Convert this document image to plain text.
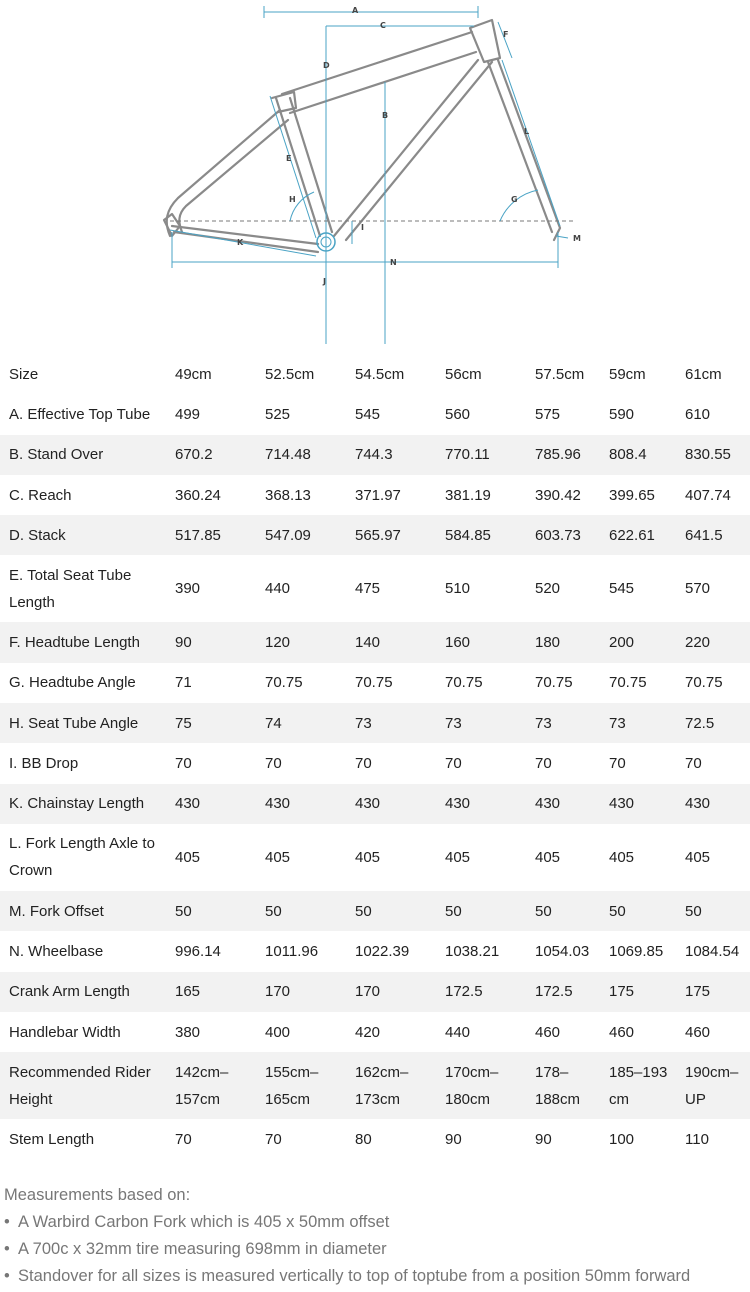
A
B
C
D
E
F
G
H
I
J
K
L
M
N
Size	49cm	52.5cm	54.5cm	56cm	57.5cm	59cm	61cm
A. Effective Top Tube	499	525	545	560	575	590	610
B. Stand Over	670.2	714.48	744.3	770.11	785.96	808.4	830.55
C. Reach	360.24	368.13	371.97	381.19	390.42	399.65	407.74
D. Stack	517.85	547.09	565.97	584.85	603.73	622.61	641.5
E. Total Seat Tube Length	390	440	475	510	520	545	570
F. Headtube Length	90	120	140	160	180	200	220
G. Headtube Angle	71	70.75	70.75	70.75	70.75	70.75	70.75
H. Seat Tube Angle	75	74	73	73	73	73	72.5
I. BB Drop	70	70	70	70	70	70	70
K. Chainstay Length	430	430	430	430	430	430	430
L. Fork Length Axle to Crown	405	405	405	405	405	405	405
M. Fork Offset	50	50	50	50	50	50	50
N. Wheelbase	996.14	1011.96	1022.39	1038.21	1054.03	1069.85	1084.54
Crank Arm Length	165	170	170	172.5	172.5	175	175
Handlebar Width	380	400	420	440	460	460	460
Recommended Rider Height	142cm–157cm	155cm–165cm	162cm–173cm	170cm–180cm	178–188cm	185–193 cm	190cm–UP
Stem Length	70	70	80	90	90	100	110
Measurements based on:
• A Warbird Carbon Fork which is 405 x 50mm offset
• A 700c x 32mm tire measuring 698mm in diameter
• Standover for all sizes is measured vertically to top of toptube from a position 50mm forward
